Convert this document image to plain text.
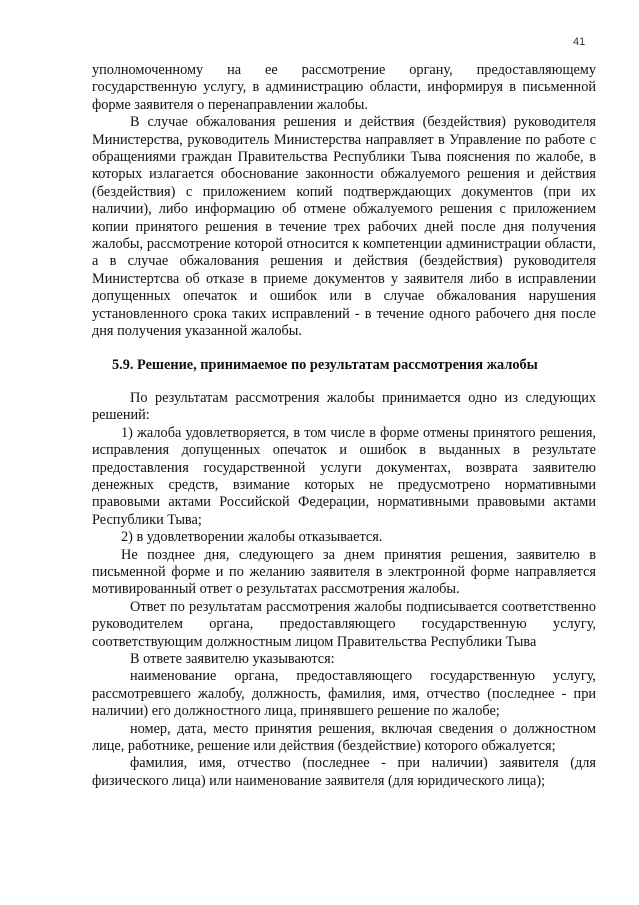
41

уполномоченному на ее рассмотрение органу, предоставляющему государственную услугу, в администрацию области, информируя в письменной форме заявителя о перенаправлении жалобы.

В случае обжалования решения и действия (бездействия) руководителя Министерства, руководитель Министерства направляет в Управление по работе с обращениями граждан Правительства Республики Тыва пояснения по жалобе, в которых излагается обоснование законности обжалуемого решения и действия (бездействия) с приложением копий подтверждающих документов (при их наличии), либо информацию об отмене обжалуемого решения с приложением копии принятого решения в течение трех рабочих дней после дня получения жалобы, рассмотрение которой относится к компетенции администрации области, а в случае обжалования решения и действия (бездействия) руководителя Министертсва об отказе в приеме документов у заявителя либо в исправлении допущенных опечаток и ошибок или в случае обжалования нарушения установленного срока таких исправлений - в течение одного рабочего дня после дня получения указанной жалобы.

5.9. Решение, принимаемое по результатам рассмотрения жалобы

По результатам рассмотрения жалобы принимается одно из следующих решений:

1) жалоба удовлетворяется, в том числе в форме отмены принятого решения, исправления допущенных опечаток и ошибок в выданных в результате предоставления государственной услуги документах, возврата заявителю денежных средств, взимание которых не предусмотрено нормативными правовыми актами Российской Федерации, нормативными правовыми актами Республики Тыва;

2) в удовлетворении жалобы отказывается.

Не позднее дня, следующего за днем принятия решения, заявителю в письменной форме и по желанию заявителя в электронной форме направляется мотивированный ответ о результатах рассмотрения жалобы.

Ответ по результатам рассмотрения жалобы подписывается соответственно руководителем органа, предоставляющего государственную услугу, соответствующим должностным лицом Правительства Республики Тыва

В ответе заявителю указываются:

наименование органа, предоставляющего государственную услугу, рассмотревшего жалобу, должность, фамилия, имя, отчество (последнее - при наличии) его должностного лица, принявшего решение по жалобе;

номер, дата, место принятия решения, включая сведения о должностном лице, работнике, решение или действия (бездействие) которого обжалуется;

фамилия, имя, отчество (последнее - при наличии) заявителя (для физического лица) или наименование заявителя (для юридического лица);
